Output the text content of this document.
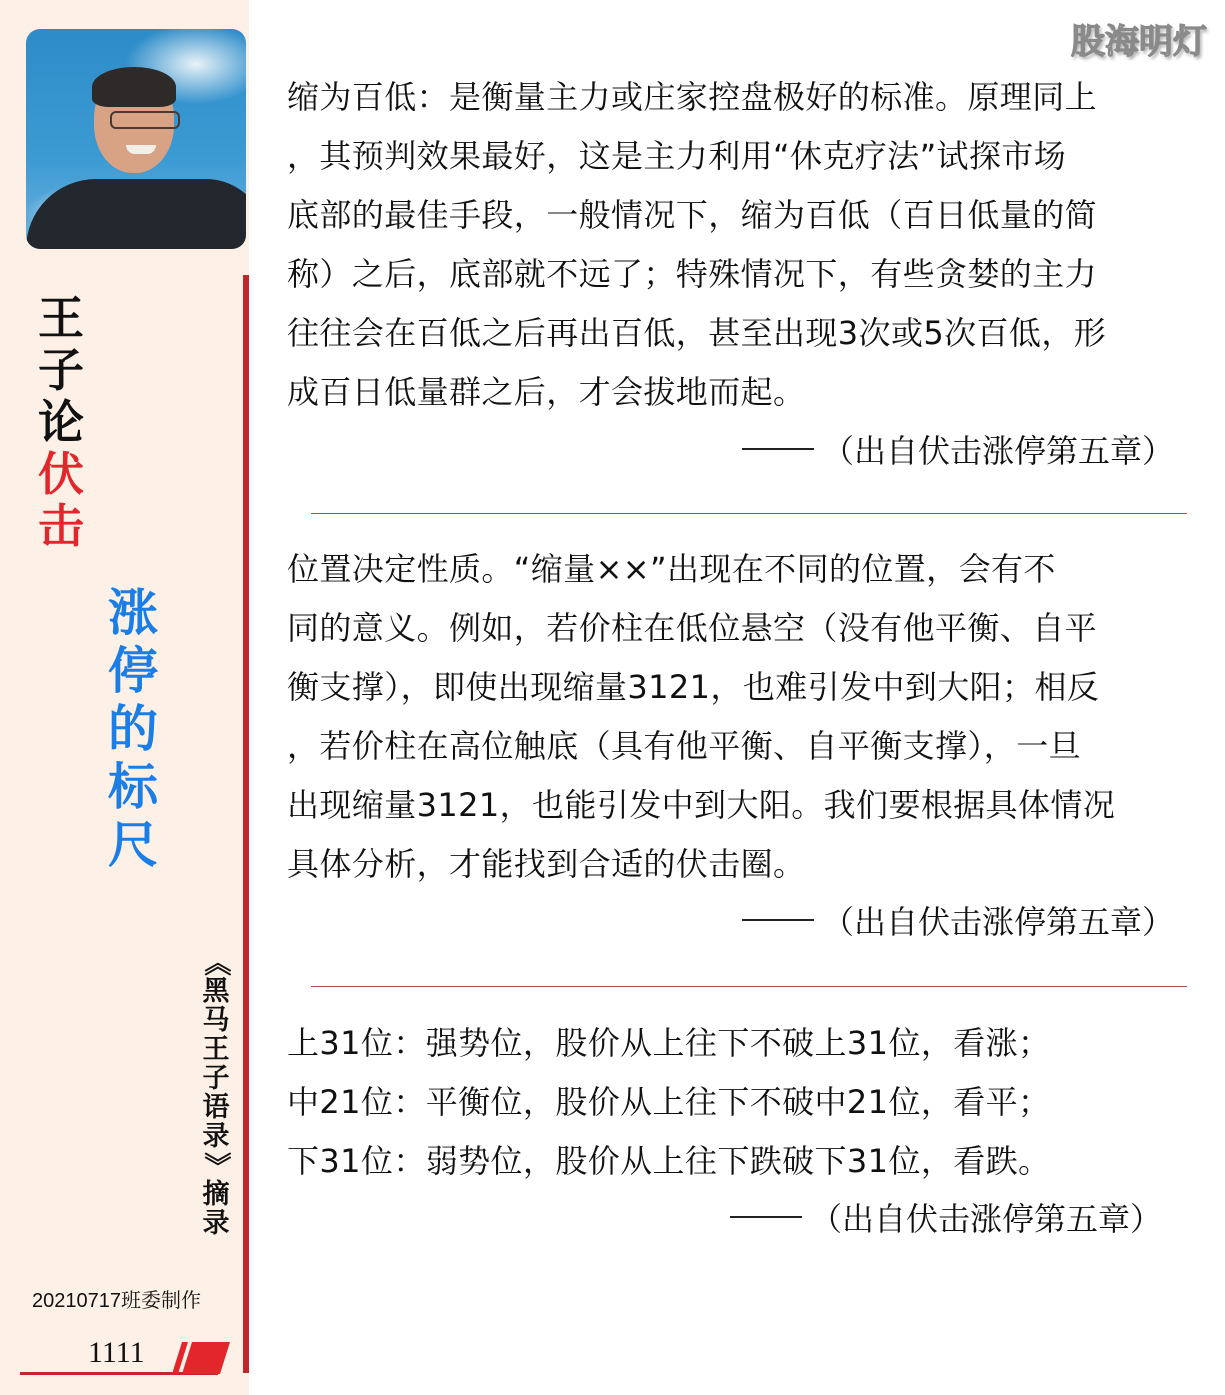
王
子
论
伏
击
涨
停
的
标
尺
《
黑
马
王
子
语
录
》
摘
录
20210717班委制作
1111
股海明灯
缩为百低：是衡量主力或庄家控盘极好的标准。原理同上
，其预判效果最好，这是主力利用“休克疗法”试探市场
底部的最佳手段，一般情况下，缩为百低（百日低量的简
称）之后，底部就不远了；特殊情况下，有些贪婪的主力
往往会在百低之后再出百低，甚至出现3次或5次百低，形
成百日低量群之后，才会拔地而起。
（出自伏击涨停第五章）
位置决定性质。“缩量××”出现在不同的位置，会有不
同的意义。例如，若价柱在低位悬空（没有他平衡、自平
衡支撑），即使出现缩量3121，也难引发中到大阳；相反
，若价柱在高位触底（具有他平衡、自平衡支撑），一旦
出现缩量3121，也能引发中到大阳。我们要根据具体情况
具体分析，才能找到合适的伏击圈。
（出自伏击涨停第五章）
上31位：强势位，股价从上往下不破上31位，看涨；
中21位：平衡位，股价从上往下不破中21位，看平；
下31位：弱势位，股价从上往下跌破下31位，看跌。
（出自伏击涨停第五章）
